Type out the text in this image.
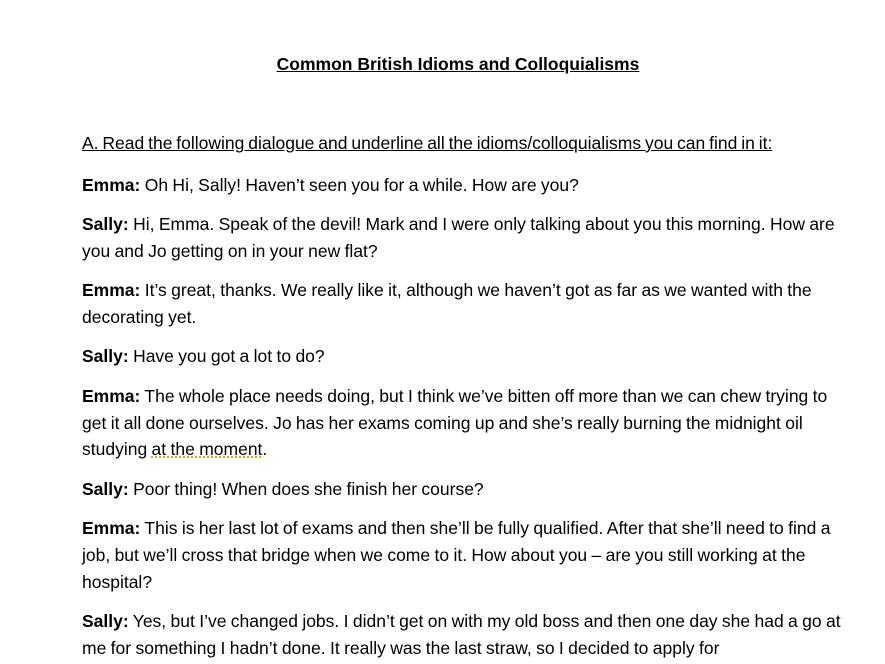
Common British Idioms and Colloquialisms
A. Read the following dialogue and underline all the idioms/colloquialisms you can find in it:

Emma: Oh Hi, Sally! Haven’t seen you for a while. How are you?

Sally: Hi, Emma. Speak of the devil! Mark and I were only talking about you this morning. How are you and Jo getting on in your new flat?

Emma: It’s great, thanks. We really like it, although we haven’t got as far as we wanted with the decorating yet.

Sally: Have you got a lot to do?

Emma: The whole place needs doing, but I think we’ve bitten off more than we can chew trying to get it all done ourselves. Jo has her exams coming up and she’s really burning the midnight oil studying at the moment.

Sally: Poor thing! When does she finish her course?

Emma: This is her last lot of exams and then she’ll be fully qualified. After that she’ll need to find a job, but we’ll cross that bridge when we come to it. How about you – are you still working at the hospital?

Sally: Yes, but I’ve changed jobs. I didn’t get on with my old boss and then one day she had a go at me for something I hadn’t done. It really was the last straw, so I decided to apply for
